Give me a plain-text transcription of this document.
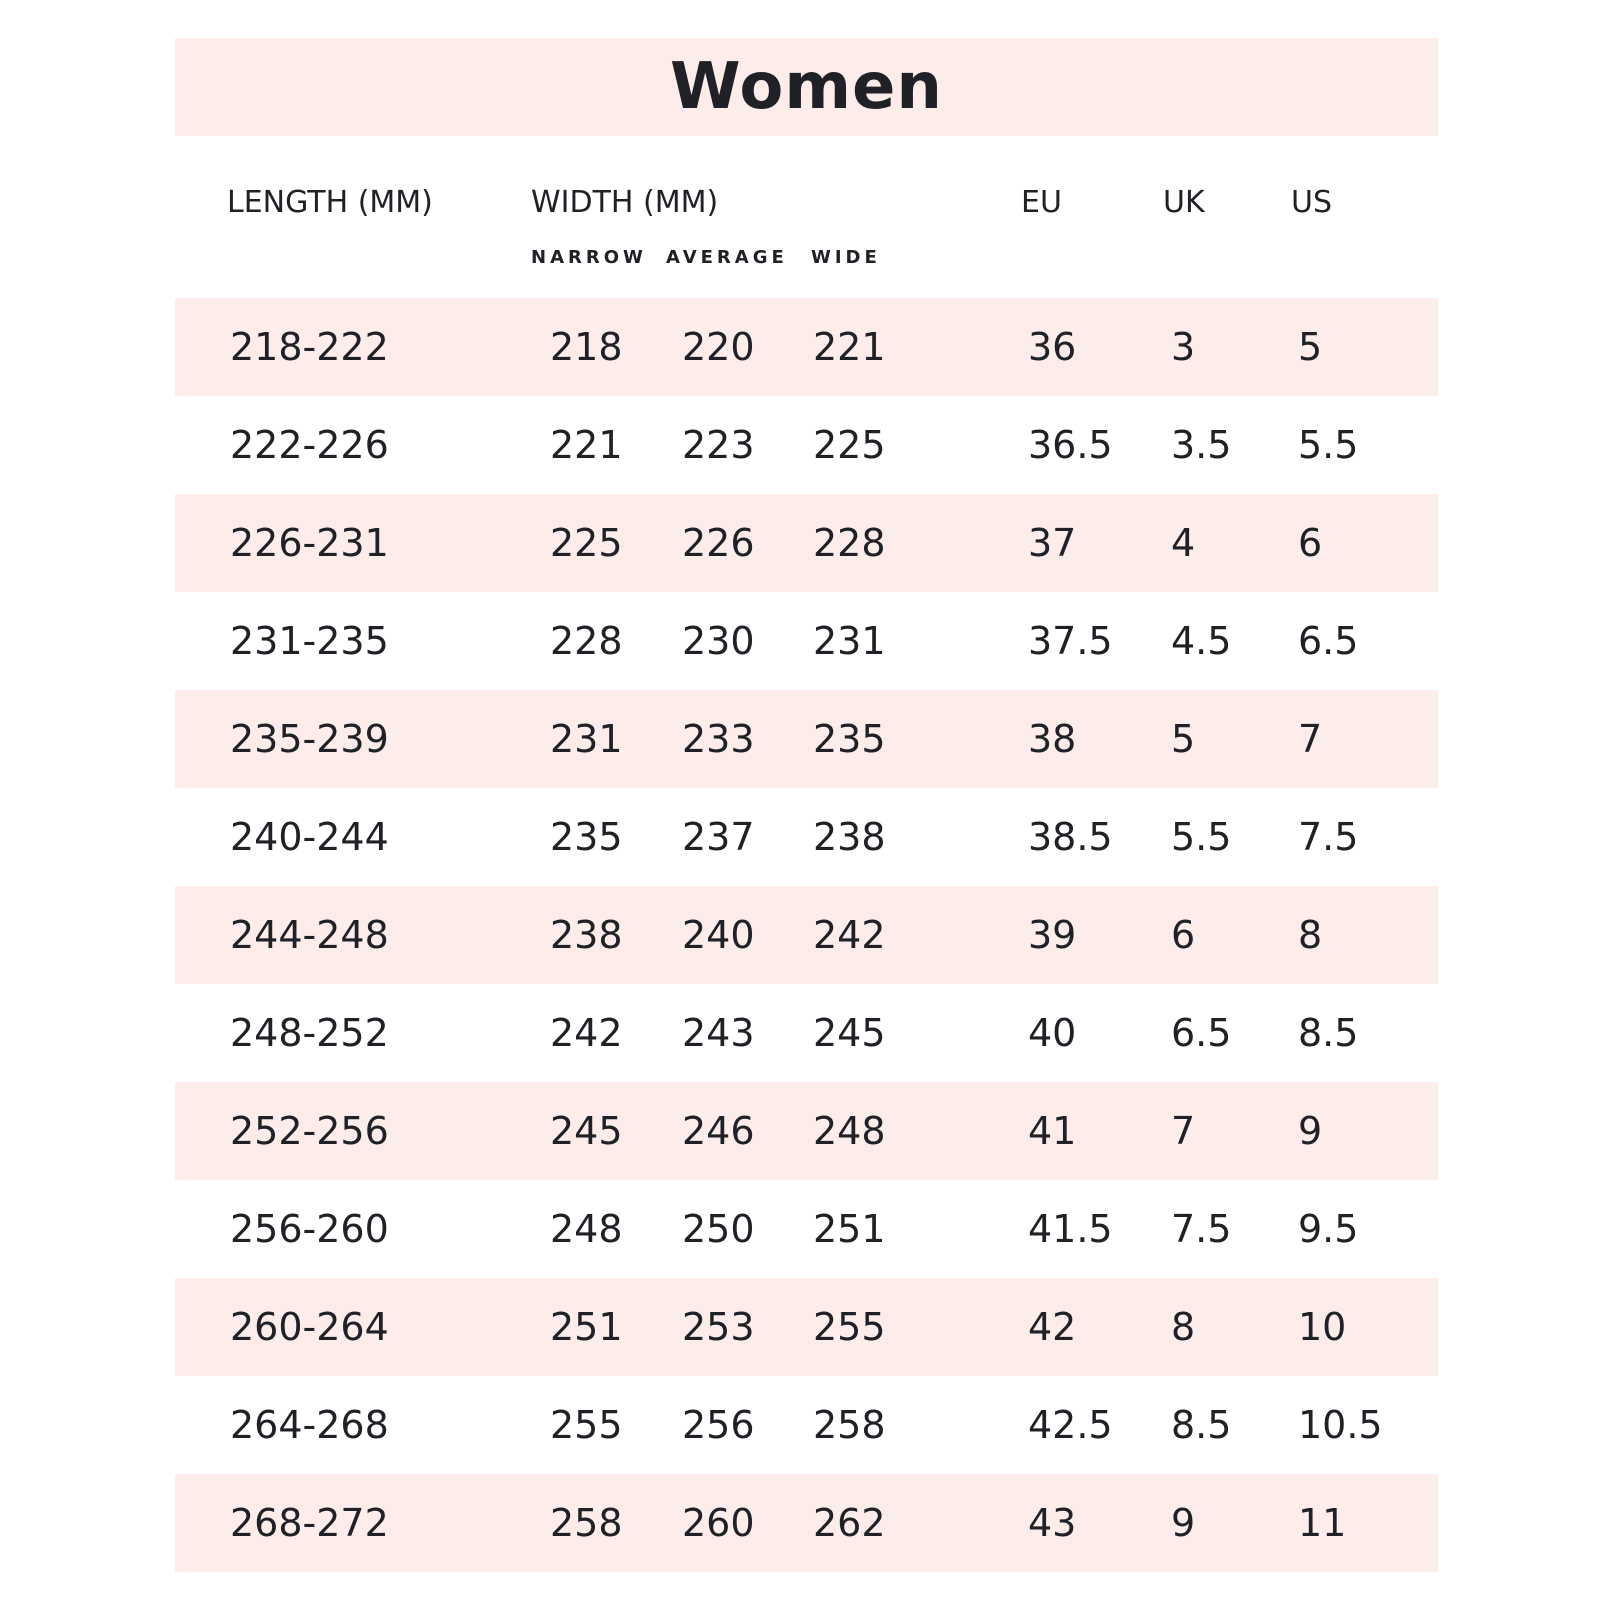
Women
LENGTH (MM)	WIDTH (MM)	EU	UK	US
NARROW AVERAGE WIDE
218-222	218 220 221	36 3	5
222-226	221 223 225	36.5 3.5 5.5
226-231	225 226 228	37 4	6
231-235	228 230 231	37.5 4.5 6.5
235-239	231 233 235	38 5	7
240-244	235 237 238	38.5 5.5 7.5
244-248	238 240 242	39 6	8
248-252	242 243 245	40 6.5 8.5
252-256	245 246 248	41 7	9
256-260	248 250 251	41.5 7.5 9.5
260-264	251 253 255	42 8	10
264-268	255 256 258	42.5 8.5 10.5
268-272	258 260 262	43 9	11
